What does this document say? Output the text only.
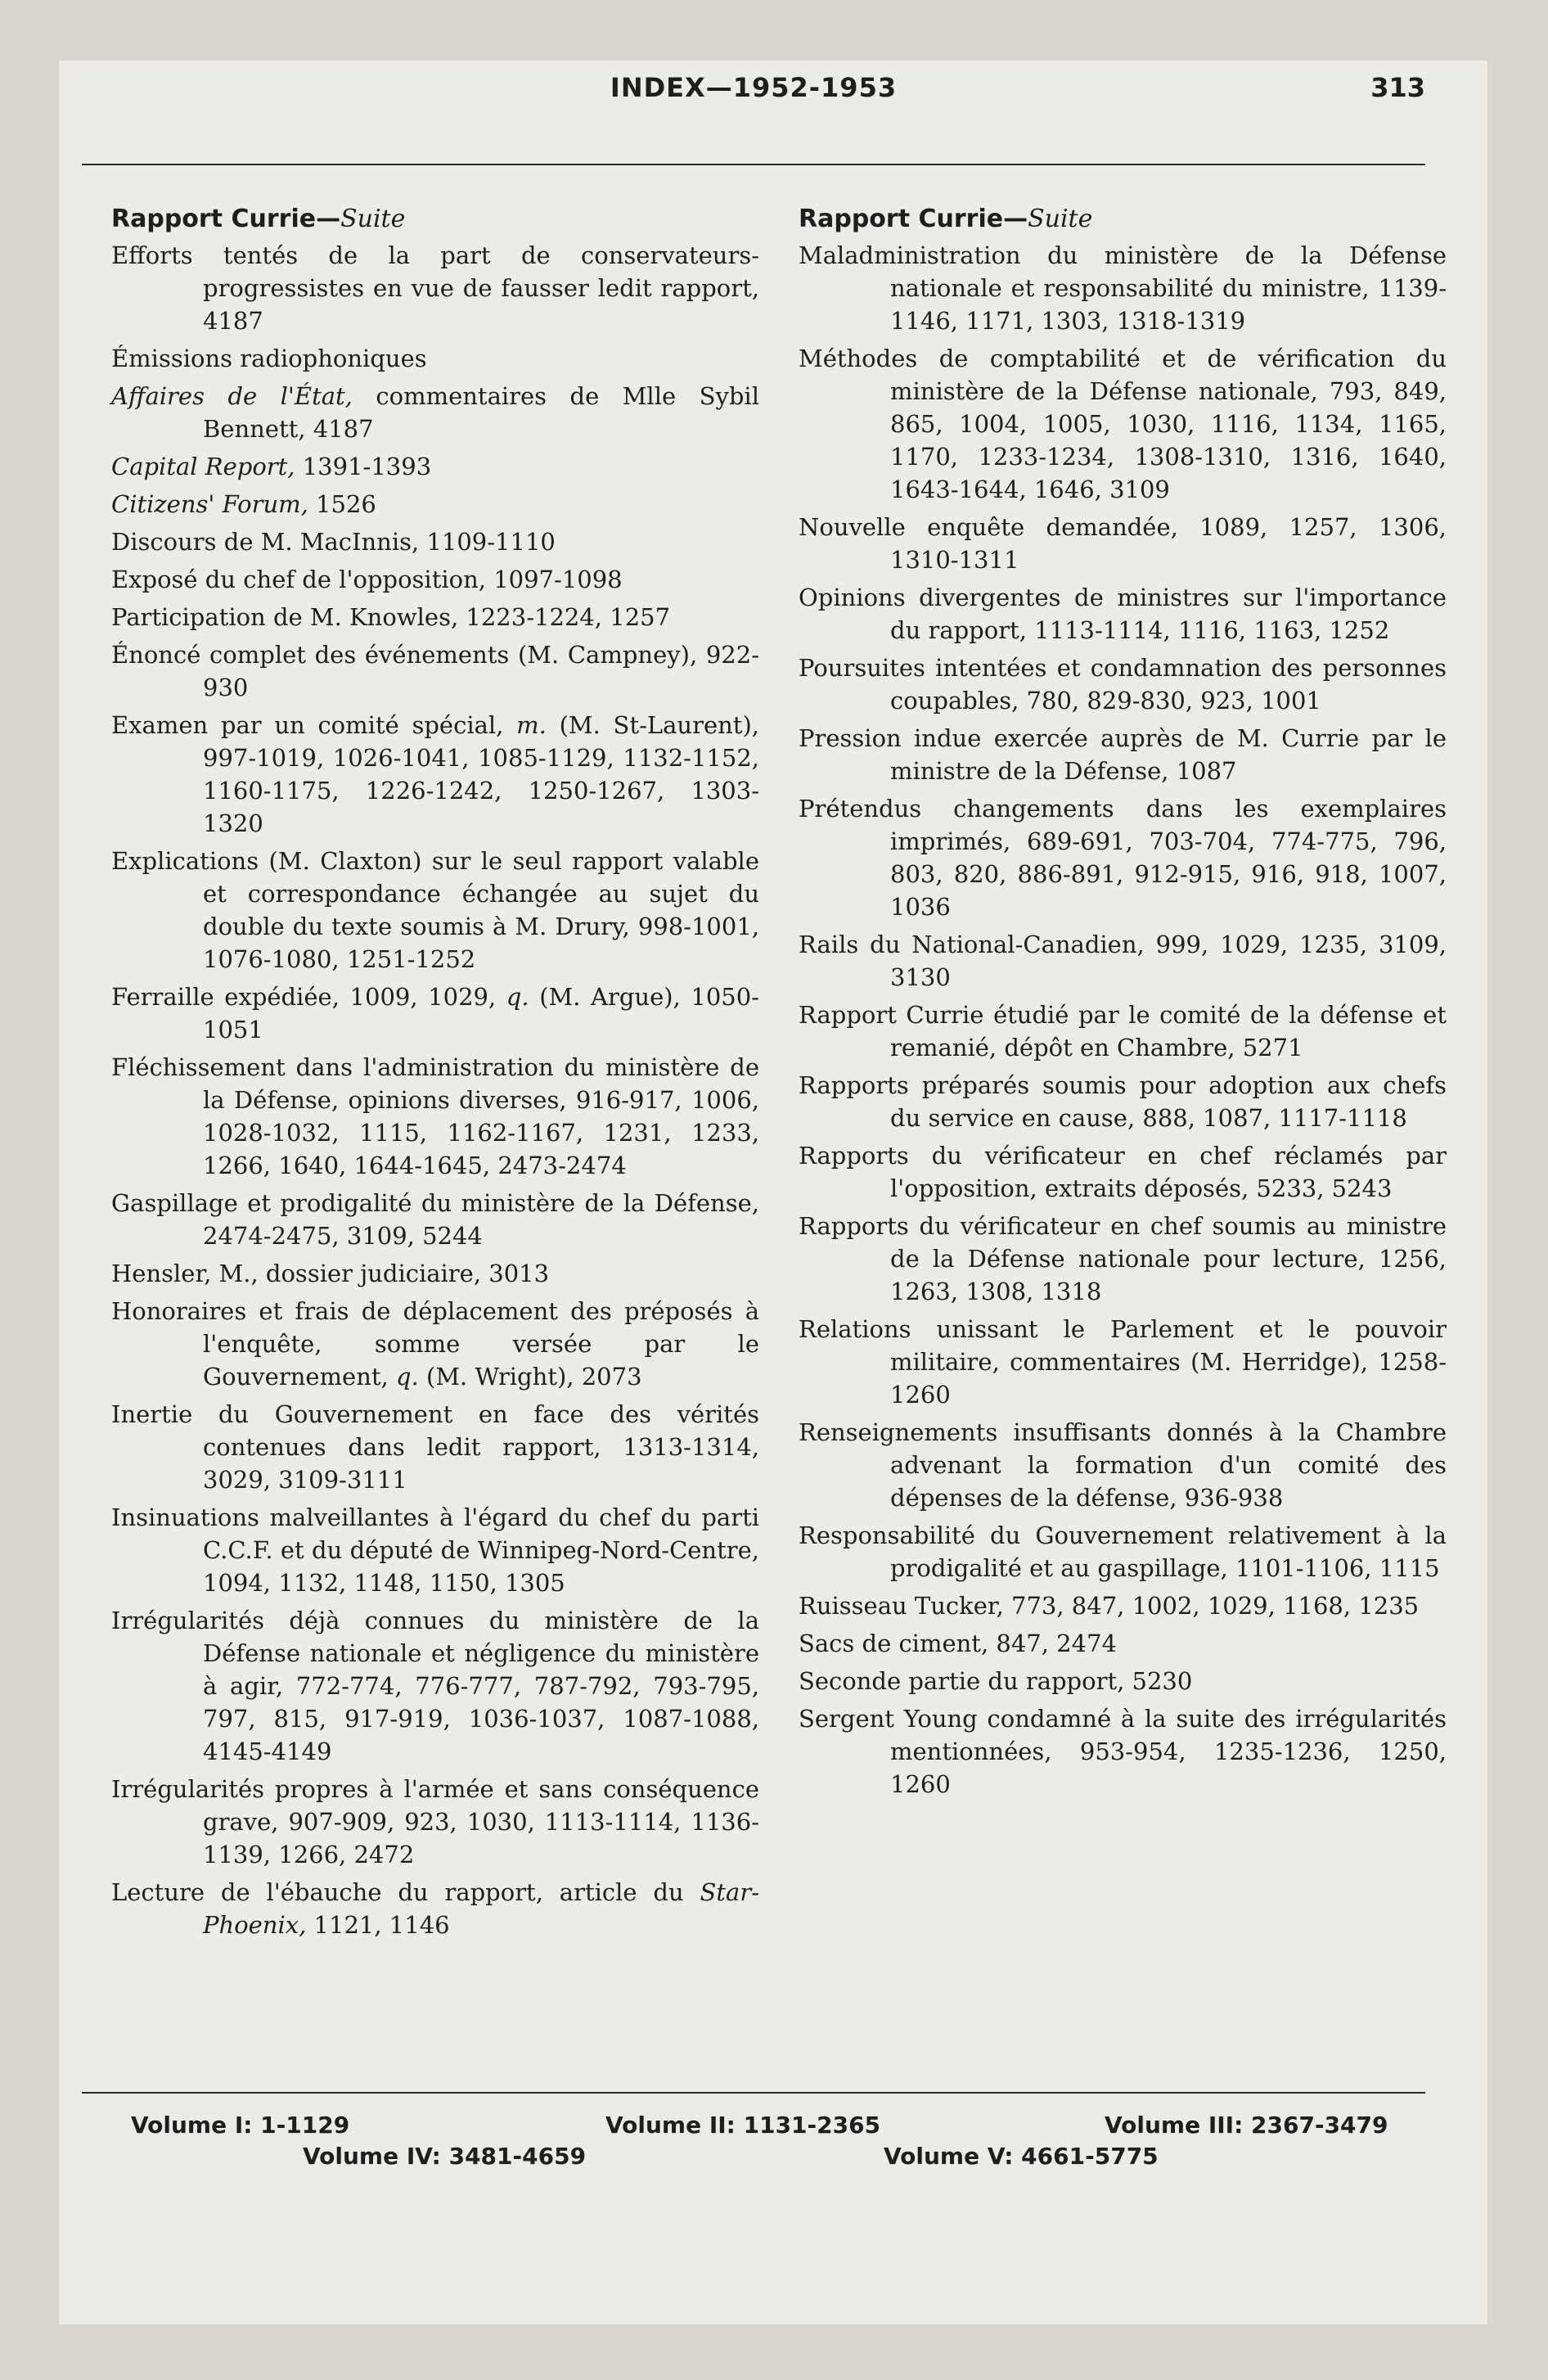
INDEX—1952-1953	313
Rapport Currie—Suite
Efforts tentés de la part de conservateurs-progressistes en vue de fausser ledit rapport, 4187
Émissions radiophoniques
Affaires de l'État, commentaires de Mlle Sybil Bennett, 4187
Capital Report, 1391-1393
Citizens' Forum, 1526
Discours de M. MacInnis, 1109-1110
Exposé du chef de l'opposition, 1097-1098
Participation de M. Knowles, 1223-1224, 1257
Énoncé complet des événements (M. Campney), 922-930
Examen par un comité spécial, m. (M. St-Laurent), 997-1019, 1026-1041, 1085-1129, 1132-1152, 1160-1175, 1226-1242, 1250-1267, 1303-1320
Explications (M. Claxton) sur le seul rapport valable et correspondance échangée au sujet du double du texte soumis à M. Drury, 998-1001, 1076-1080, 1251-1252
Ferraille expédiée, 1009, 1029, q. (M. Argue), 1050-1051
Fléchissement dans l'administration du ministère de la Défense, opinions diverses, 916-917, 1006, 1028-1032, 1115, 1162-1167, 1231, 1233, 1266, 1640, 1644-1645, 2473-2474
Gaspillage et prodigalité du ministère de la Défense, 2474-2475, 3109, 5244
Hensler, M., dossier judiciaire, 3013
Honoraires et frais de déplacement des préposés à l'enquête, somme versée par le Gouvernement, q. (M. Wright), 2073
Inertie du Gouvernement en face des vérités contenues dans ledit rapport, 1313-1314, 3029, 3109-3111
Insinuations malveillantes à l'égard du chef du parti C.C.F. et du député de Winnipeg-Nord-Centre, 1094, 1132, 1148, 1150, 1305
Irrégularités déjà connues du ministère de la Défense nationale et négligence du ministère à agir, 772-774, 776-777, 787-792, 793-795, 797, 815, 917-919, 1036-1037, 1087-1088, 4145-4149
Irrégularités propres à l'armée et sans conséquence grave, 907-909, 923, 1030, 1113-1114, 1136-1139, 1266, 2472
Lecture de l'ébauche du rapport, article du Star-Phoenix, 1121, 1146
Rapport Currie—Suite
Maladministration du ministère de la Défense nationale et responsabilité du ministre, 1139-1146, 1171, 1303, 1318-1319
Méthodes de comptabilité et de vérification du ministère de la Défense nationale, 793, 849, 865, 1004, 1005, 1030, 1116, 1134, 1165, 1170, 1233-1234, 1308-1310, 1316, 1640, 1643-1644, 1646, 3109
Nouvelle enquête demandée, 1089, 1257, 1306, 1310-1311
Opinions divergentes de ministres sur l'importance du rapport, 1113-1114, 1116, 1163, 1252
Poursuites intentées et condamnation des personnes coupables, 780, 829-830, 923, 1001
Pression indue exercée auprès de M. Currie par le ministre de la Défense, 1087
Prétendus changements dans les exemplaires imprimés, 689-691, 703-704, 774-775, 796, 803, 820, 886-891, 912-915, 916, 918, 1007, 1036
Rails du National-Canadien, 999, 1029, 1235, 3109, 3130
Rapport Currie étudié par le comité de la défense et remanié, dépôt en Chambre, 5271
Rapports préparés soumis pour adoption aux chefs du service en cause, 888, 1087, 1117-1118
Rapports du vérificateur en chef réclamés par l'opposition, extraits déposés, 5233, 5243
Rapports du vérificateur en chef soumis au ministre de la Défense nationale pour lecture, 1256, 1263, 1308, 1318
Relations unissant le Parlement et le pouvoir militaire, commentaires (M. Herridge), 1258-1260
Renseignements insuffisants donnés à la Chambre advenant la formation d'un comité des dépenses de la défense, 936-938
Responsabilité du Gouvernement relativement à la prodigalité et au gaspillage, 1101-1106, 1115
Ruisseau Tucker, 773, 847, 1002, 1029, 1168, 1235
Sacs de ciment, 847, 2474
Seconde partie du rapport, 5230
Sergent Young condamné à la suite des irrégularités mentionnées, 953-954, 1235-1236, 1250, 1260
Volume I: 1-1129	Volume II: 1131-2365	Volume III: 2367-3479
Volume IV: 3481-4659	Volume V: 4661-5775
